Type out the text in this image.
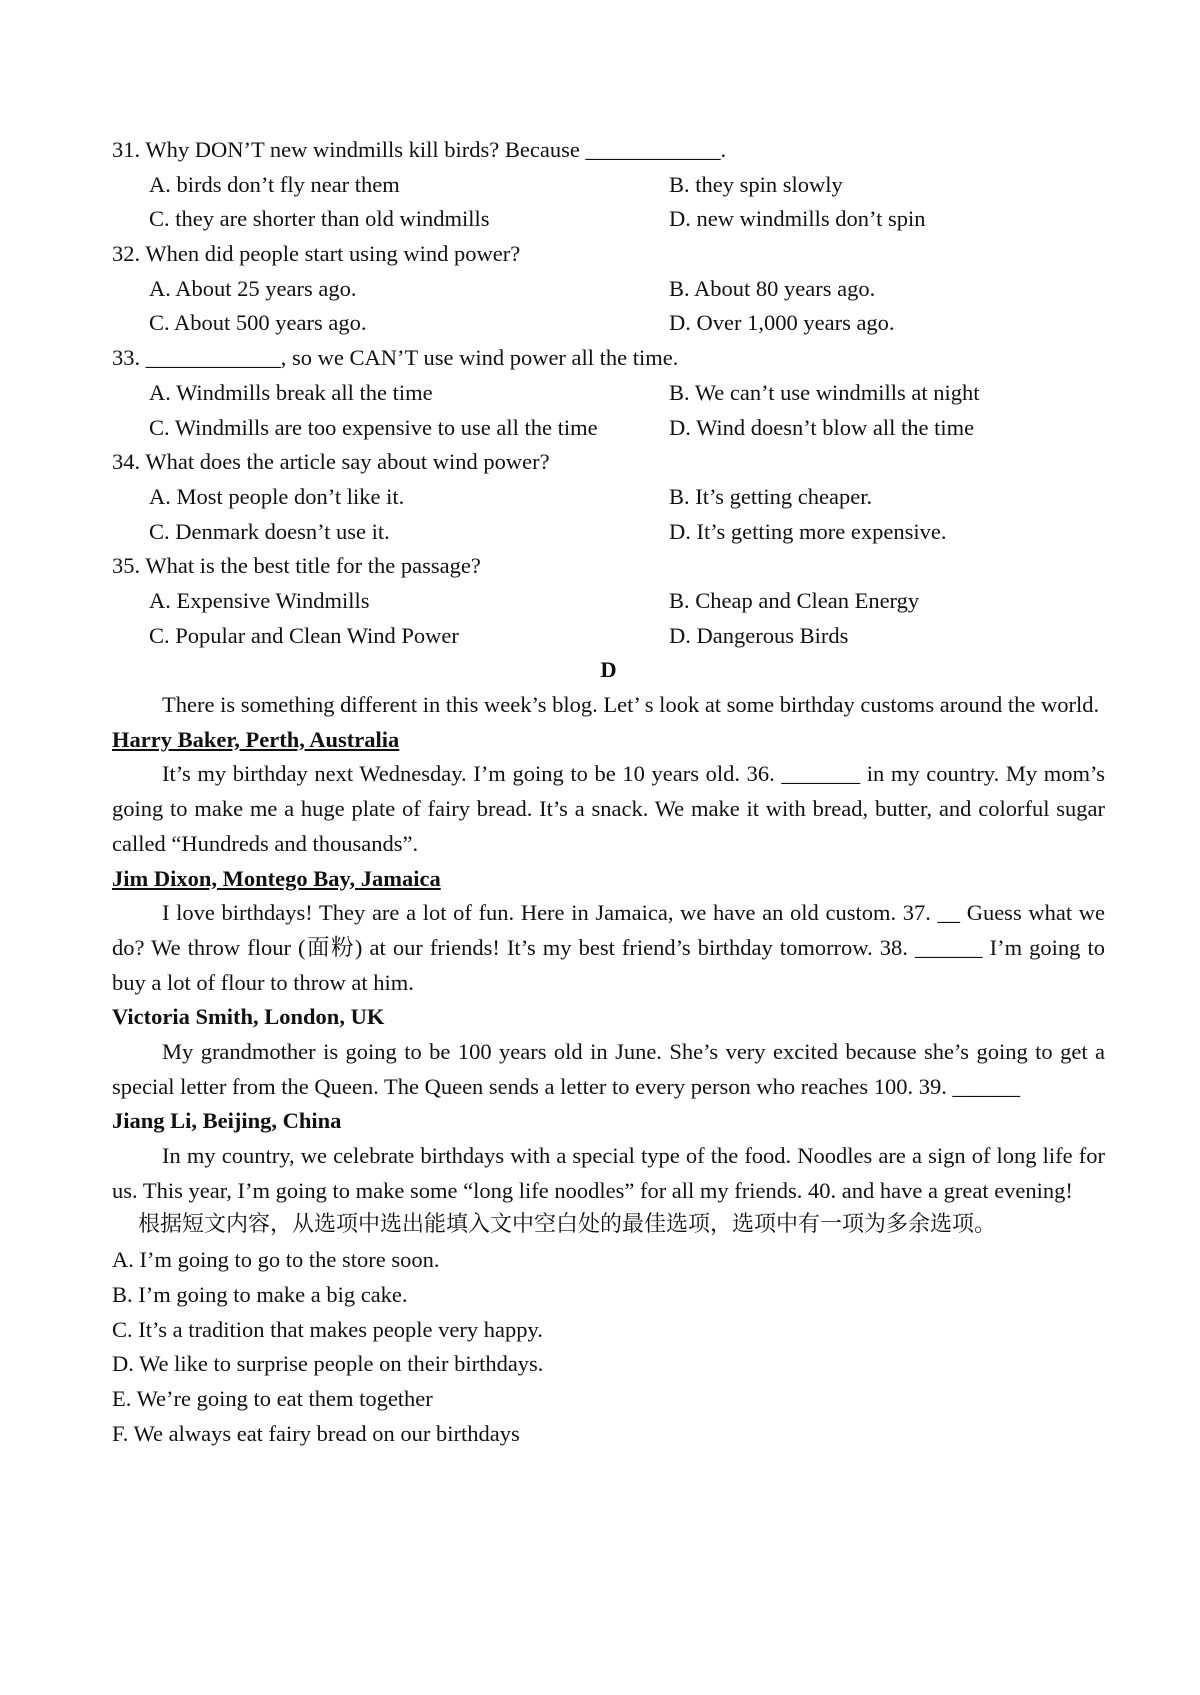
31. Why DON’T new windmills kill birds? Because ____________.
A. birds don’t fly near them	B. they spin slowly
C. they are shorter than old windmills	D. new windmills don’t spin
32. When did people start using wind power?
A. About 25 years ago.	B. About 80 years ago.
C. About 500 years ago.	D. Over 1,000 years ago.
33. ____________, so we CAN’T use wind power all the time.
A. Windmills break all the time	B. We can’t use windmills at night
C. Windmills are too expensive to use all the time	D. Wind doesn’t blow all the time
34. What does the article say about wind power?
A. Most people don’t like it.	B. It’s getting cheaper.
C. Denmark doesn’t use it.	D. It’s getting more expensive.
35. What is the best title for the passage?
A. Expensive Windmills	B. Cheap and Clean Energy
C. Popular and Clean Wind Power	D. Dangerous Birds
D
There is something different in this week’s blog. Let’ s look at some birthday customs around the world.
Harry Baker, Perth, Australia
It’s my birthday next Wednesday. I’m going to be 10 years old. 36. _______ in my country. My mom’s going to make me a huge plate of fairy bread. It’s a snack. We make it with bread, butter, and colorful sugar called “Hundreds and thousands”.
Jim Dixon, Montego Bay, Jamaica
I love birthdays! They are a lot of fun. Here in Jamaica, we have an old custom. 37. __ Guess what we do? We throw flour (面粉) at our friends! It’s my best friend’s birthday tomorrow. 38. ______ I’m going to buy a lot of flour to throw at him.
Victoria Smith, London, UK
My grandmother is going to be 100 years old in June. She’s very excited because she’s going to get a special letter from the Queen. The Queen sends a letter to every person who reaches 100. 39. ______
Jiang Li, Beijing, China
In my country, we celebrate birthdays with a special type of the food. Noodles are a sign of long life for us. This year, I’m going to make some “long life noodles” for all my friends. 40. and have a great evening!
根据短文内容，从选项中选出能填入文中空白处的最佳选项，选项中有一项为多余选项。
A. I’m going to go to the store soon.
B. I’m going to make a big cake.
C. It’s a tradition that makes people very happy.
D. We like to surprise people on their birthdays.
E. We’re going to eat them together
F. We always eat fairy bread on our birthdays
